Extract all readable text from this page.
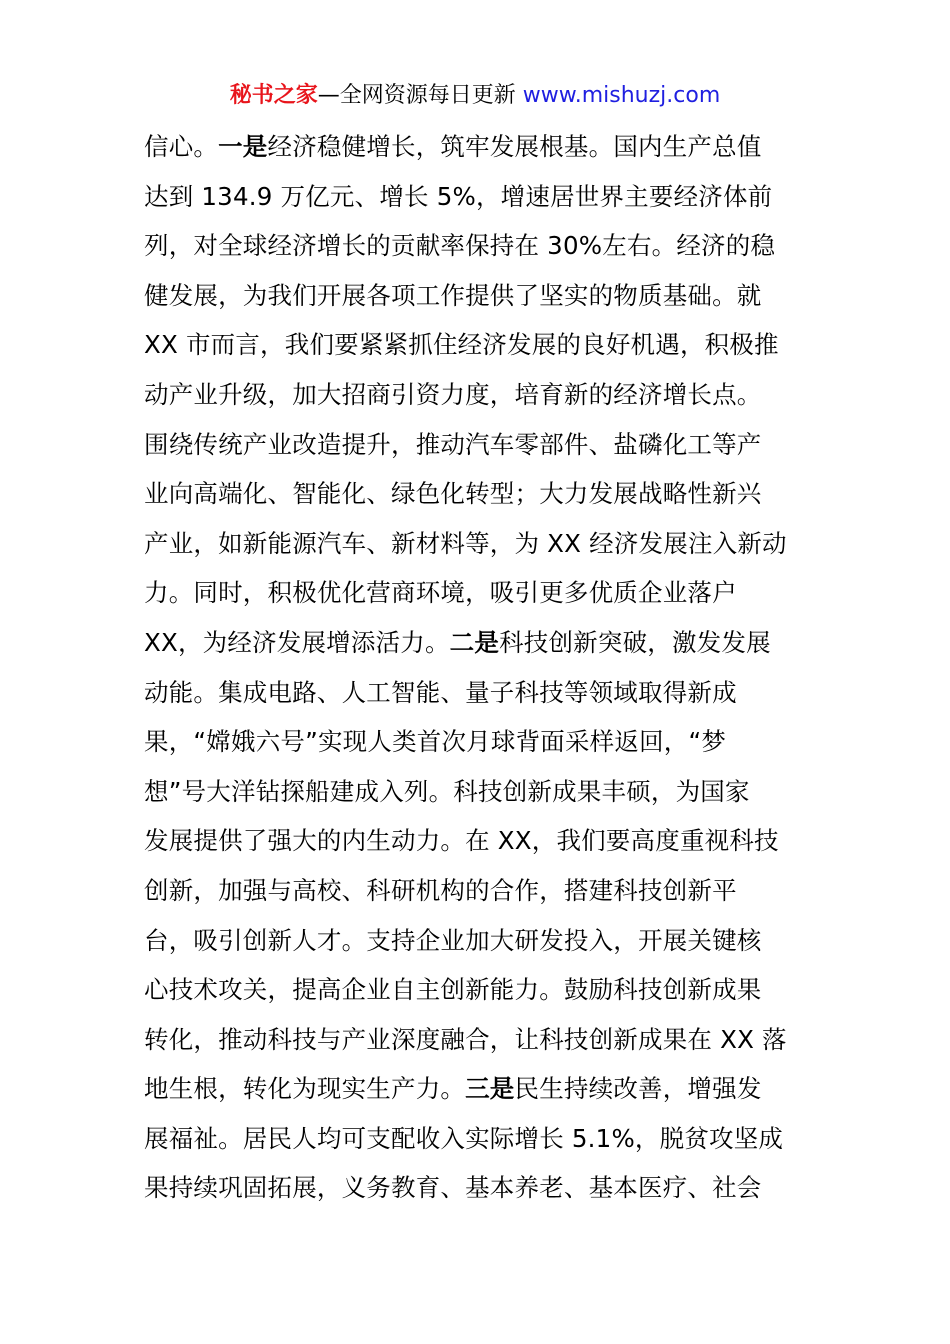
秘书之家—全网资源每日更新 www.mishuzj.com
信心。一是经济稳健增长，筑牢发展根基。国内生产总值
达到 134.9 万亿元、增长 5%，增速居世界主要经济体前
列，对全球经济增长的贡献率保持在 30%左右。经济的稳
健发展，为我们开展各项工作提供了坚实的物质基础。就
XX 市而言，我们要紧紧抓住经济发展的良好机遇，积极推
动产业升级，加大招商引资力度，培育新的经济增长点。
围绕传统产业改造提升，推动汽车零部件、盐磷化工等产
业向高端化、智能化、绿色化转型；大力发展战略性新兴
产业，如新能源汽车、新材料等，为 XX 经济发展注入新动
力。同时，积极优化营商环境，吸引更多优质企业落户
XX，为经济发展增添活力。二是科技创新突破，激发发展
动能。集成电路、人工智能、量子科技等领域取得新成
果，“嫦娥六号”实现人类首次月球背面采样返回，“梦
想”号大洋钻探船建成入列。科技创新成果丰硕，为国家
发展提供了强大的内生动力。在 XX，我们要高度重视科技
创新，加强与高校、科研机构的合作，搭建科技创新平
台，吸引创新人才。支持企业加大研发投入，开展关键核
心技术攻关，提高企业自主创新能力。鼓励科技创新成果
转化，推动科技与产业深度融合，让科技创新成果在 XX 落
地生根，转化为现实生产力。三是民生持续改善，增强发
展福祉。居民人均可支配收入实际增长 5.1%，脱贫攻坚成
果持续巩固拓展，义务教育、基本养老、基本医疗、社会
